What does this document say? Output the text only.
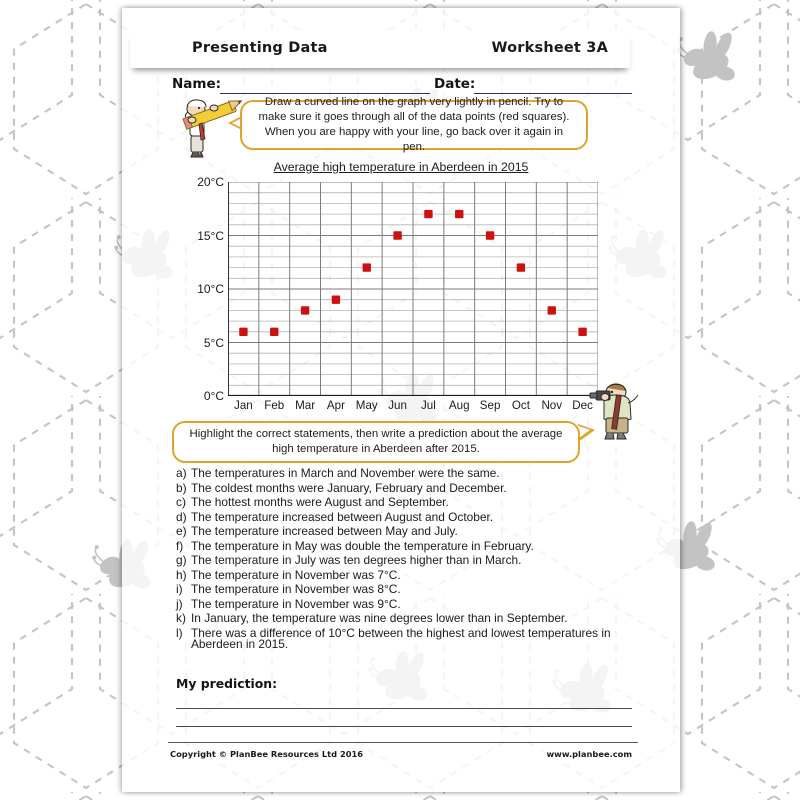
Presenting Data	Worksheet 3A
Name:	Date:
Draw a curved line on the graph very lightly in pencil. Try to make sure it goes through all of the data points (red squares). When you are happy with your line, go back over it again in pen.
Average high temperature in Aberdeen in 2015
0°C
5°C
10°C
15°C
20°C
Jan Feb Mar Apr May Jun Jul Aug Sep Oct Nov Dec
Highlight the correct statements, then write a prediction about the average high temperature in Aberdeen after 2015.
a) The temperatures in March and November were the same.
b) The coldest months were January, February and December.
c) The hottest months were August and September.
d) The temperature increased between August and October.
e) The temperature increased between May and July.
f) The temperature in May was double the temperature in February.
g) The temperature in July was ten degrees higher than in March.
h) The temperature in November was 7°C.
i) The temperature in November was 8°C.
j) The temperature in November was 9°C.
k) In January, the temperature was nine degrees lower than in September.
l) There was a difference of 10°C between the highest and lowest temperatures in Aberdeen in 2015.
My prediction:
Copyright © PlanBee Resources Ltd 2016	www.planbee.com
